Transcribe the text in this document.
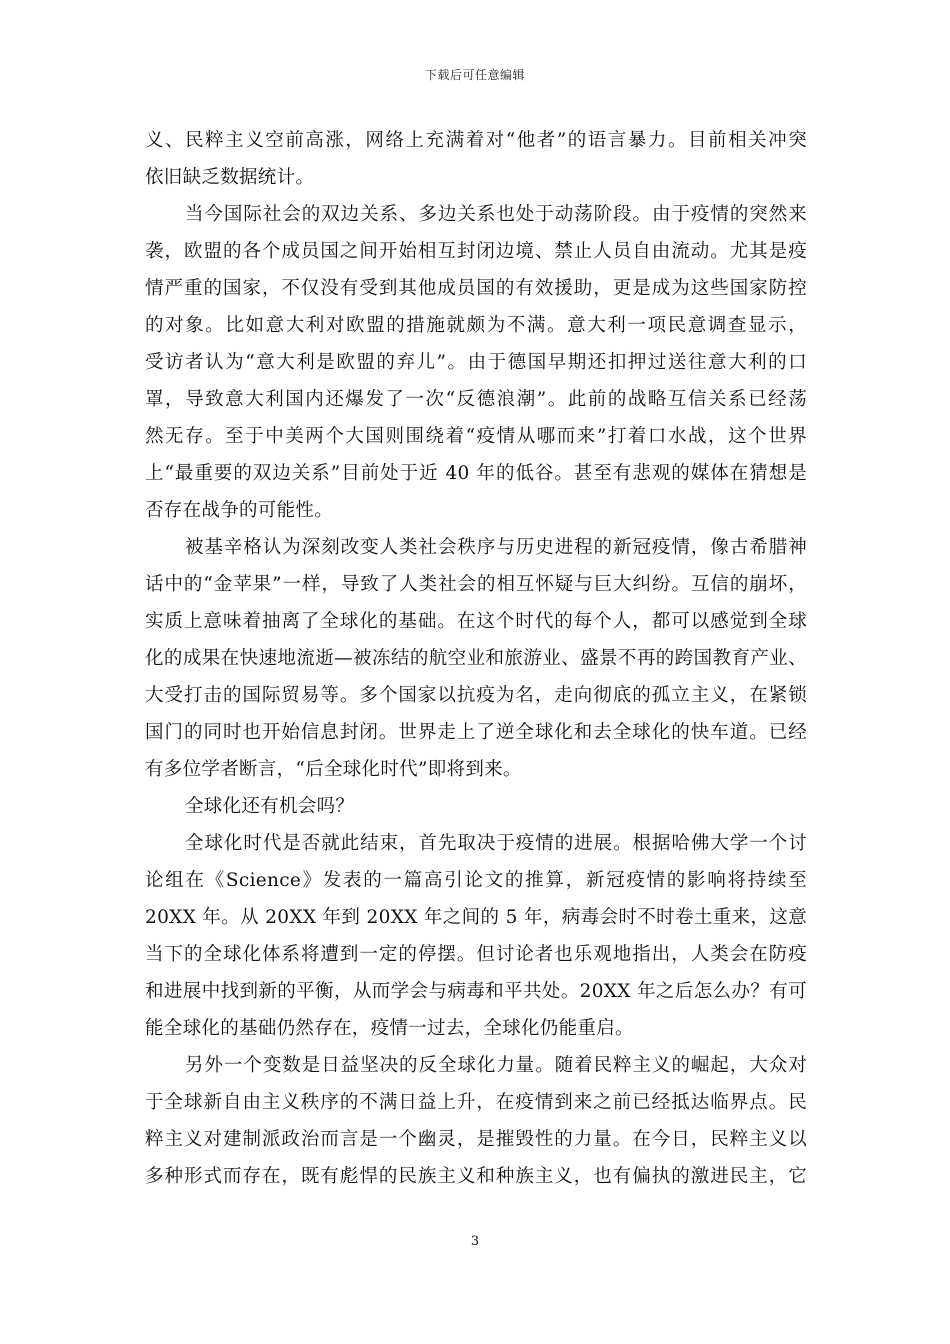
下载后可任意编辑
义、民粹主义空前高涨，网络上充满着对“他者”的语言暴力。目前相关冲突
依旧缺乏数据统计。
当今国际社会的双边关系、多边关系也处于动荡阶段。由于疫情的突然来
袭，欧盟的各个成员国之间开始相互封闭边境、禁止人员自由流动。尤其是疫
情严重的国家，不仅没有受到其他成员国的有效援助，更是成为这些国家防控
的对象。比如意大利对欧盟的措施就颇为不满。意大利一项民意调查显示，
受访者认为“意大利是欧盟的弃儿”。由于德国早期还扣押过送往意大利的口
罩，导致意大利国内还爆发了一次“反德浪潮”。此前的战略互信关系已经荡
然无存。至于中美两个大国则围绕着“疫情从哪而来”打着口水战，这个世界
上“最重要的双边关系”目前处于近 40 年的低谷。甚至有悲观的媒体在猜想是
否存在战争的可能性。
被基辛格认为深刻改变人类社会秩序与历史进程的新冠疫情，像古希腊神
话中的“金苹果”一样，导致了人类社会的相互怀疑与巨大纠纷。互信的崩坏，
实质上意味着抽离了全球化的基础。在这个时代的每个人，都可以感觉到全球
化的成果在快速地流逝—被冻结的航空业和旅游业、盛景不再的跨国教育产业、
大受打击的国际贸易等。多个国家以抗疫为名，走向彻底的孤立主义，在紧锁
国门的同时也开始信息封闭。世界走上了逆全球化和去全球化的快车道。已经
有多位学者断言，“后全球化时代”即将到来。
全球化还有机会吗？
全球化时代是否就此结束，首先取决于疫情的进展。根据哈佛大学一个讨
论组在《Science》发表的一篇高引论文的推算，新冠疫情的影响将持续至
20XX 年。从 20XX 年到 20XX 年之间的 5 年，病毒会时不时卷土重来，这意
当下的全球化体系将遭到一定的停摆。但讨论者也乐观地指出，人类会在防疫
和进展中找到新的平衡，从而学会与病毒和平共处。20XX 年之后怎么办？有可
能全球化的基础仍然存在，疫情一过去，全球化仍能重启。
另外一个变数是日益坚决的反全球化力量。随着民粹主义的崛起，大众对
于全球新自由主义秩序的不满日益上升，在疫情到来之前已经抵达临界点。民
粹主义对建制派政治而言是一个幽灵，是摧毁性的力量。在今日，民粹主义以
多种形式而存在，既有彪悍的民族主义和种族主义，也有偏执的激进民主，它
3
